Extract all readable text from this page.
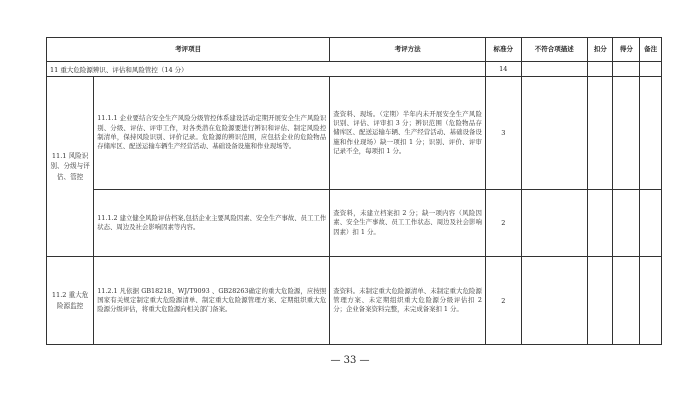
考评项目		考评方法	标准分	不符合项描述	扣分	得分	备注
11 重大危险源辨识、评估和风险管控（14 分）			14				
11.1 风险识别、分级与评估、管控	11.1.1 企业要结合安全生产风险分级管控体系建设活动定期开展安全生产风险识别、分级、评估、评审工作，对各类潜在危险源要进行辨识和评估、制定风险控制清单，保持风险识别、评价记录。危险源的辨识范围，应包括企业的危险物品存储库区、配送运输车辆生产经营活动、基础设备设施和作业现场等。	查资料、现场。（定期）半年内未开展安全生产风险识别、评估、评审扣 3 分；辨识范围（危险物品存储库区、配送运输车辆、生产经营活动、基础设备设施和作业现场）缺一项扣 1 分；识别、评价、评审记录不全，每项扣 1 分。	3				
	11.1.2 建立健全风险评估档案,包括企业主要风险因素、安全生产事故、员工工作状态、周边及社会影响因素等内容。	查资料，未建立档案扣 2 分；缺一项内容（风险因素、安全生产事故、员工工作状态、周边及社会影响因素）扣 1 分。	2				
11.2 重大危险源监控	11.2.1 凡依据 GB18218、WJ/T9093 、GB28263确定的重大危险源，应按照国家有关规定制定重大危险源清单、制定重大危险源管理方案、定期组织重大危险源分级评估，将重大危险源向相关部门备案。	查资料。未制定重大危险源清单、未制定重大危险源管理方案、未定期组织重大危险源分级评估扣 2 分；企业备案资料完整，未完成备案扣 1 分。	2				
— 33 —
